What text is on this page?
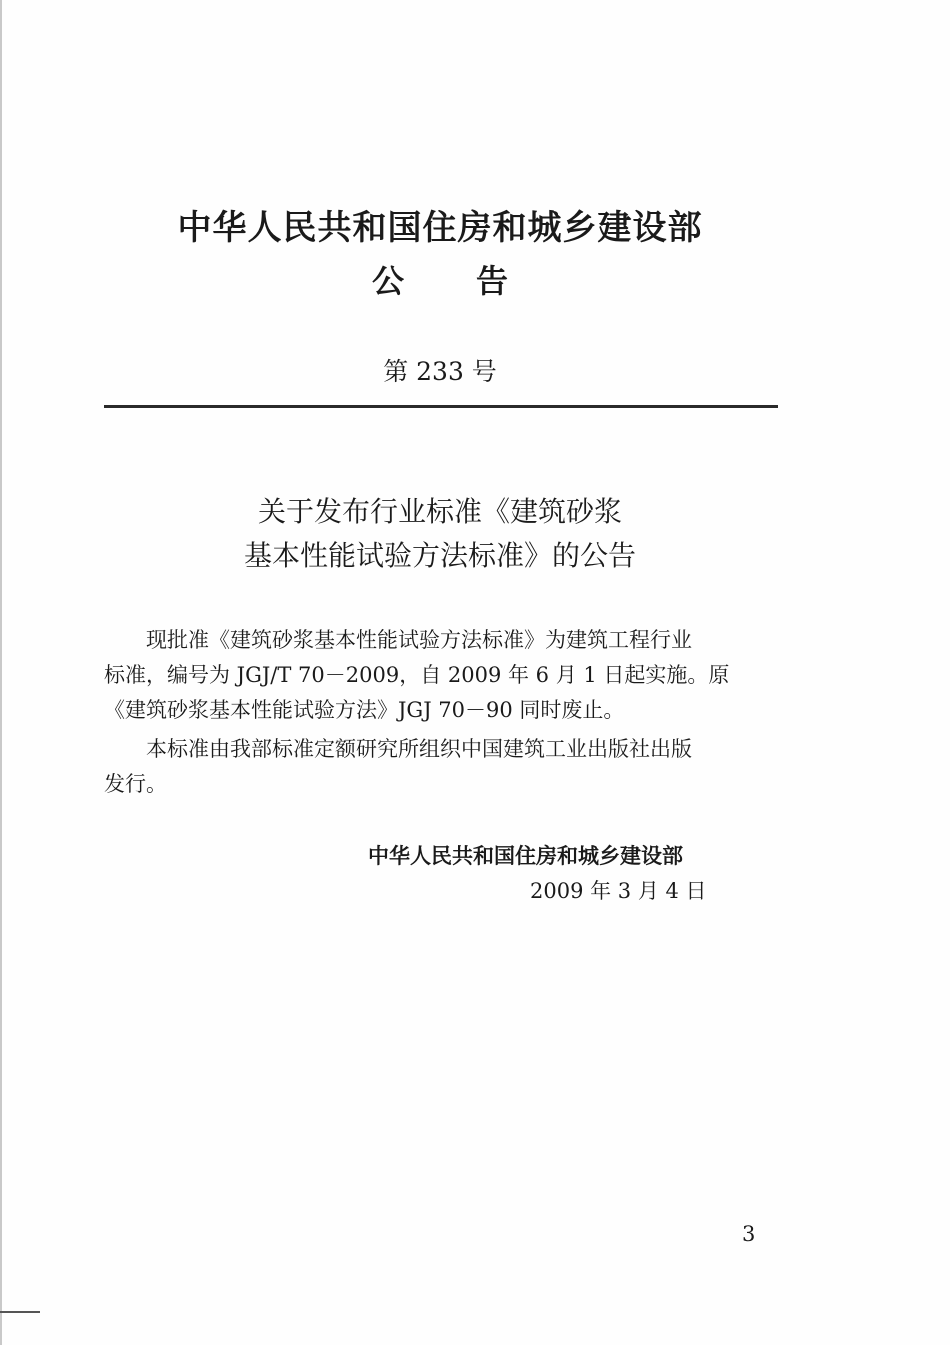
中华人民共和国住房和城乡建设部
公告
第 233 号
关于发布行业标准《建筑砂浆
基本性能试验方法标准》的公告
　　现批准《建筑砂浆基本性能试验方法标准》为建筑工程行业
标准，编号为 JGJ/T 70－2009，自 2009 年 6 月 1 日起实施。原
《建筑砂浆基本性能试验方法》JGJ 70－90 同时废止。
　　本标准由我部标准定额研究所组织中国建筑工业出版社出版
发行。
中华人民共和国住房和城乡建设部
2009 年 3 月 4 日
3
